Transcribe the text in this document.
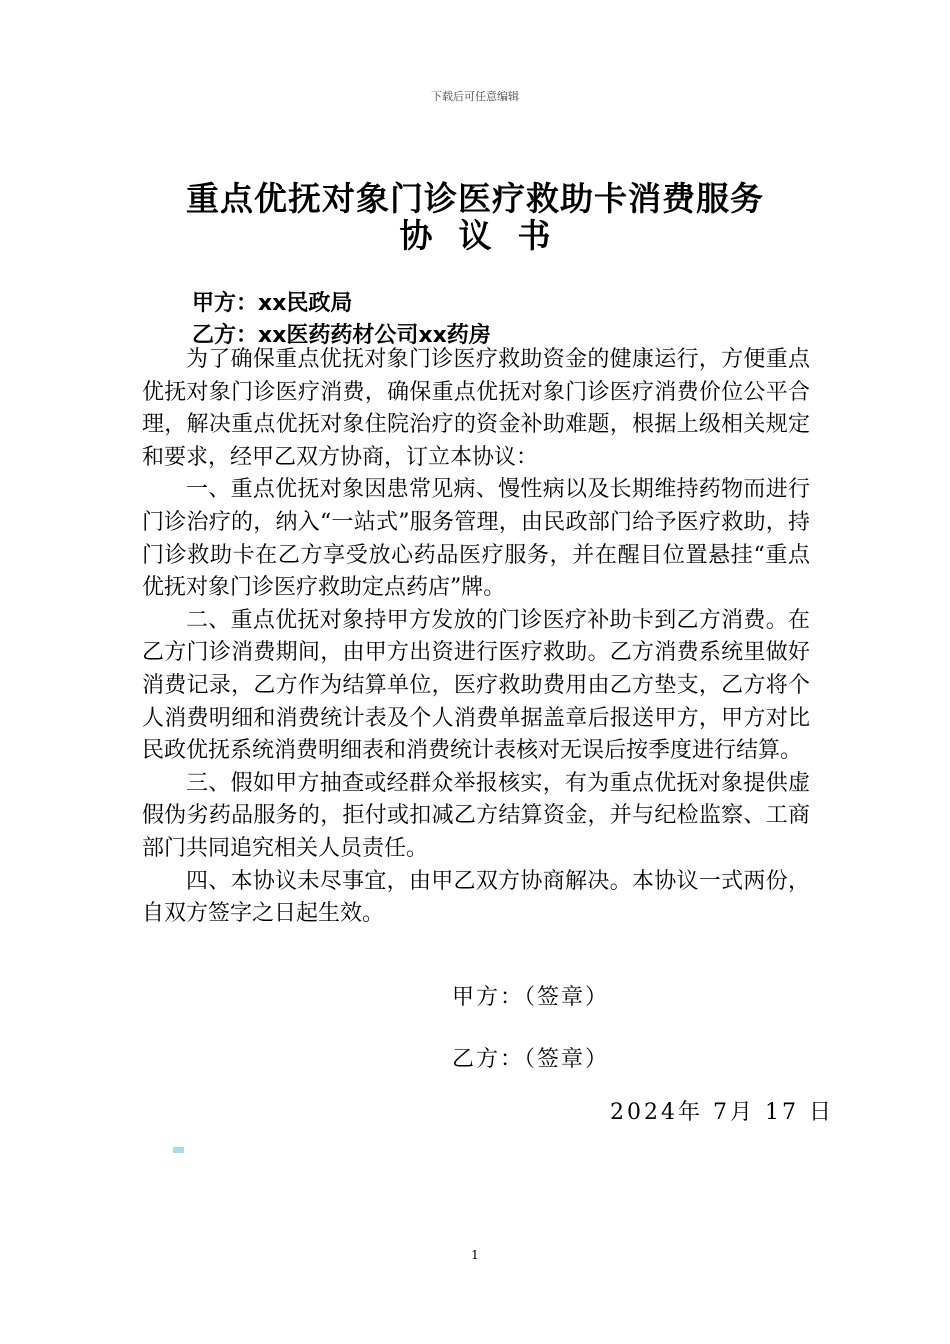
下载后可任意编辑
重点优抚对象门诊医疗救助卡消费服务
协议书
甲方：xx民政局
乙方：xx医药药材公司xx药房

为了确保重点优抚对象门诊医疗救助资金的健康运行，方便重点优抚对象门诊医疗消费，确保重点优抚对象门诊医疗消费价位公平合理，解决重点优抚对象住院治疗的资金补助难题，根据上级相关规定和要求，经甲乙双方协商，订立本协议：

一、重点优抚对象因患常见病、慢性病以及长期维持药物而进行门诊治疗的，纳入“一站式”服务管理，由民政部门给予医疗救助，持门诊救助卡在乙方享受放心药品医疗服务，并在醒目位置悬挂“重点优抚对象门诊医疗救助定点药店”牌。

二、重点优抚对象持甲方发放的门诊医疗补助卡到乙方消费。在乙方门诊消费期间，由甲方出资进行医疗救助。乙方消费系统里做好消费记录，乙方作为结算单位，医疗救助费用由乙方垫支，乙方将个人消费明细和消费统计表及个人消费单据盖章后报送甲方，甲方对比民政优抚系统消费明细表和消费统计表核对无误后按季度进行结算。

三、假如甲方抽查或经群众举报核实，有为重点优抚对象提供虚假伪劣药品服务的，拒付或扣减乙方结算资金，并与纪检监察、工商部门共同追究相关人员责任。

四、本协议未尽事宜，由甲乙双方协商解决。本协议一式两份，自双方签字之日起生效。

甲方：（签章）
乙方：（签章）
2024年 7月 17 日
1
